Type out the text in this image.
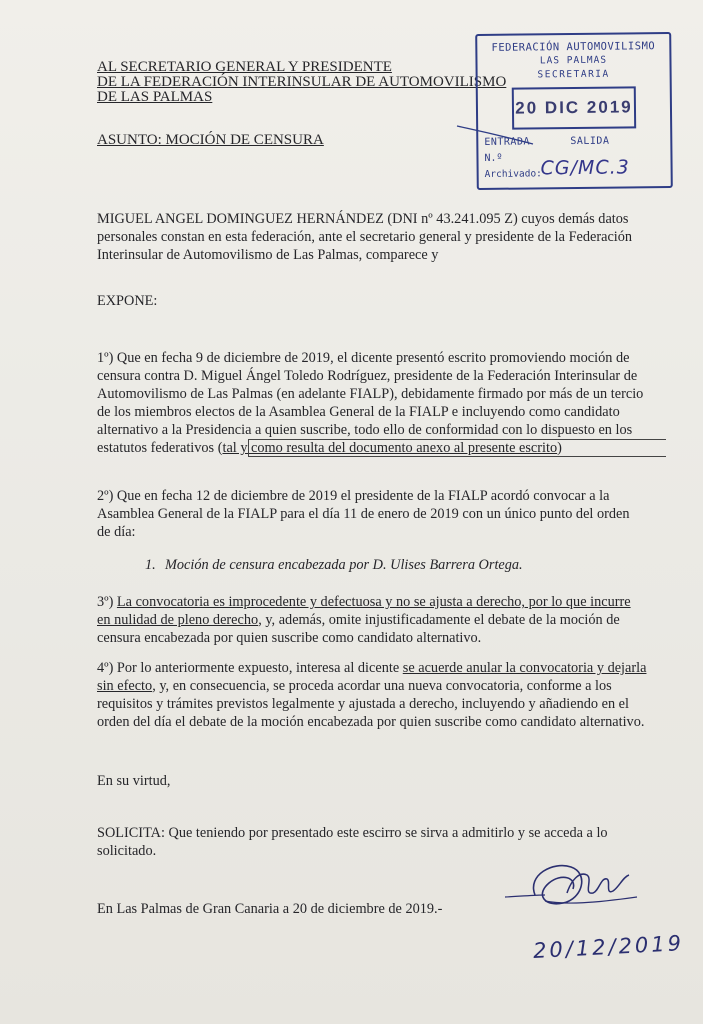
AL SECRETARIO GENERAL Y PRESIDENTE
DE LA FEDERACIÓN INTERINSULAR DE AUTOMOVILISMO
DE LAS PALMAS
ASUNTO: MOCIÓN DE CENSURA
FEDERACIÓN AUTOMOVILISMO
LAS PALMAS
SECRETARIA
20 DIC 2019
ENTRADA	SALIDA
N.º
Archivado:
CG/MC.3
MIGUEL ANGEL DOMINGUEZ HERNÁNDEZ (DNI nº 43.241.095 Z) cuyos demás datos
personales constan en esta federación, ante el secretario general y presidente de la Federación
Interinsular de Automovilismo de Las Palmas, comparece y
EXPONE:
1º) Que en fecha 9 de diciembre de 2019, el dicente presentó escrito promoviendo moción de
censura contra D. Miguel Ángel Toledo Rodríguez, presidente de la Federación Interinsular de
Automovilismo de Las Palmas (en adelante FIALP), debidamente firmado por más de un tercio
de los miembros electos de la Asamblea General de la FIALP e incluyendo como candidato
alternativo a la Presidencia a quien suscribe, todo ello de conformidad con lo dispuesto en los
estatutos federativos (tal y como resulta del documento anexo al presente escrito)
2º) Que en fecha 12 de diciembre de 2019 el presidente de la FIALP acordó convocar a la
Asamblea General de la FIALP para el día 11 de enero de 2019 con un único punto del orden
de día:
1. Moción de censura encabezada por D. Ulises Barrera Ortega.
3º) La convocatoria es improcedente y defectuosa y no se ajusta a derecho, por lo que incurre
en nulidad de pleno derecho, y, además, omite injustificadamente el debate de la moción de
censura encabezada por quien suscribe como candidato alternativo.
4º) Por lo anteriormente expuesto, interesa al dicente se acuerde anular la convocatoria y dejarla
sin efecto, y, en consecuencia, se proceda acordar una nueva convocatoria, conforme a los
requisitos y trámites previstos legalmente y ajustada a derecho, incluyendo y añadiendo en el
orden del día el debate de la moción encabezada por quien suscribe como candidato alternativo.
En su virtud,
SOLICITA: Que teniendo por presentado este escirro se sirva a admitirlo y se acceda a lo
solicitado.
En Las Palmas de Gran Canaria a 20 de diciembre de 2019.-
20/12/2019
